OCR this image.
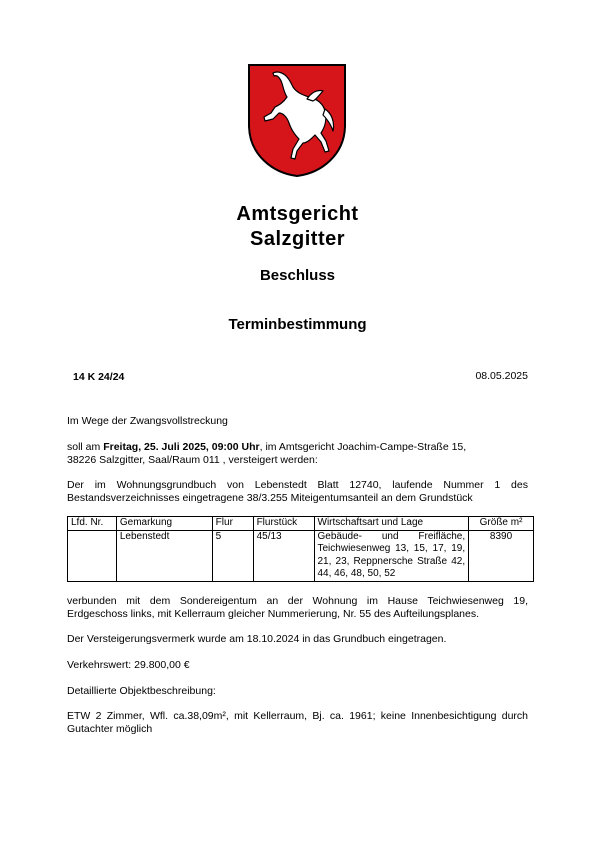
Amtsgericht
Salzgitter
Beschluss
Terminbestimmung
14 K 24/24	08.05.2025
Im Wege der Zwangsvollstreckung
soll am Freitag, 25. Juli 2025, 09:00 Uhr, im Amtsgericht Joachim-Campe-Straße 15,
38226 Salzgitter, Saal/Raum 011 , versteigert werden:
Der im Wohnungsgrundbuch von Lebenstedt Blatt 12740, laufende Nummer 1 des
Bestandsverzeichnisses eingetragene 38/3.255 Miteigentumsanteil an dem Grundstück
Lfd. Nr.	Gemarkung	Flur	Flurstück	Wirtschaftsart und Lage	Größe m²
	Lebenstedt	5	45/13	Gebäude- und Freifläche, Teichwiesenweg 13, 15, 17, 19, 21, 23, Reppnersche Straße 42, 44, 46, 48, 50, 52	8390
verbunden mit dem Sondereigentum an der Wohnung im Hause Teichwiesenweg 19,
Erdgeschoss links, mit Kellerraum gleicher Nummerierung, Nr. 55 des Aufteilungsplanes.
Der Versteigerungsvermerk wurde am 18.10.2024 in das Grundbuch eingetragen.
Verkehrswert: 29.800,00 €
Detaillierte Objektbeschreibung:
ETW 2 Zimmer, Wfl. ca.38,09m², mit Kellerraum, Bj. ca. 1961; keine Innenbesichtigung durch
Gutachter möglich
